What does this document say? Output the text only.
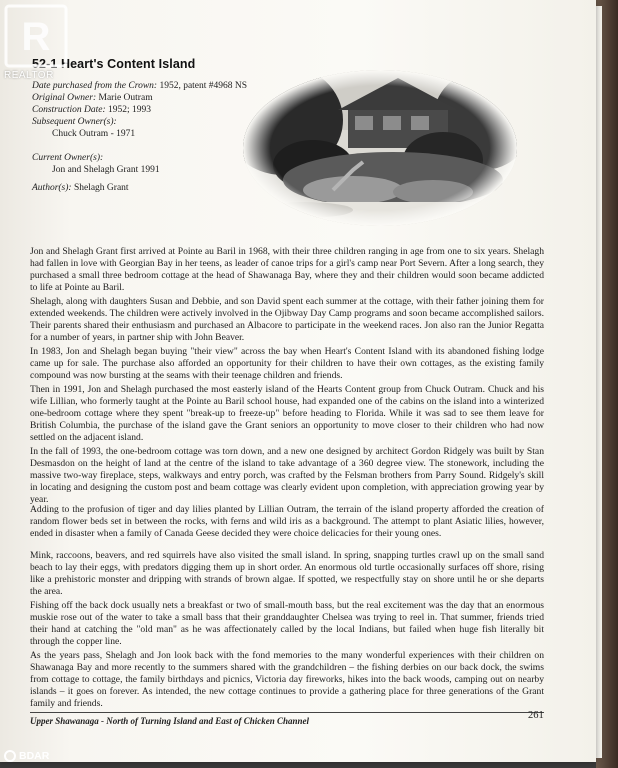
52-1 Heart's Content Island
Date purchased from the Crown: 1952, patent #4968 NS
Original Owner: Marie Outram
Construction Date: 1952; 1993
Subsequent Owner(s):
Chuck Outram - 1971
Current Owner(s):
Jon and Shelagh Grant 1991
Author(s): Shelagh Grant
Jon and Shelagh Grant first arrived at Pointe au Baril in 1968, with their three children ranging in age from one to six years. Shelagh had fallen in love with Georgian Bay in her teens, as leader of canoe trips for a girl's camp near Port Severn. After a long search, they purchased a small three bedroom cottage at the head of Shawanaga Bay, where they and their children would soon became addicted to life at Pointe au Baril.
Shelagh, along with daughters Susan and Debbie, and son David spent each summer at the cottage, with their father joining them for extended weekends. The children were actively involved in the Ojibway Day Camp programs and soon became accomplished sailors. Their parents shared their enthusiasm and purchased an Albacore to participate in the weekend races. Jon also ran the Junior Regatta for a number of years, in partner ship with John Beaver.
In 1983, Jon and Shelagh began buying "their view" across the bay when Heart's Content Island with its abandoned fishing lodge came up for sale. The purchase also afforded an opportunity for their children to have their own cottages, as the existing family compound was now bursting at the seams with their teenage children and friends.
Then in 1991, Jon and Shelagh purchased the most easterly island of the Hearts Content group from Chuck Outram. Chuck and his wife Lillian, who formerly taught at the Pointe au Baril school house, had expanded one of the cabins on the island into a winterized one-bedroom cottage where they spent "break-up to freeze-up" before heading to Florida. While it was sad to see them leave for British Columbia, the purchase of the island gave the Grant seniors an opportunity to move closer to their children who had now settled on the adjacent island.
In the fall of 1993, the one-bedroom cottage was torn down, and a new one designed by architect Gordon Ridgely was built by Stan Desmasdon on the height of land at the centre of the island to take advantage of a 360 degree view. The stonework, including the massive two-way fireplace, steps, walkways and entry porch, was crafted by the Felsman brothers from Parry Sound. Ridgely's skill in locating and designing the custom post and beam cottage was clearly evident upon completion, with appreciation growing year by year.
Adding to the profusion of tiger and day lilies planted by Lillian Outram, the terrain of the island property afforded the creation of random flower beds set in between the rocks, with ferns and wild iris as a background. The attempt to plant Asiatic lilies, however, ended in disaster when a family of Canada Geese decided they were choice delicacies for their young ones.
Mink, raccoons, beavers, and red squirrels have also visited the small island. In spring, snapping turtles crawl up on the small sand beach to lay their eggs, with predators digging them up in short order. An enormous old turtle occasionally surfaces off shore, rising like a prehistoric monster and dripping with strands of brown algae. If spotted, we respectfully stay on shore until he or she departs the area.
Fishing off the back dock usually nets a breakfast or two of small-mouth bass, but the real excitement was the day that an enormous muskie rose out of the water to take a small bass that their granddaughter Chelsea was trying to reel in. That summer, friends tried their hand at catching the "old man" as he was affectionately called by the local Indians, but failed when huge fish literally bit through the copper line.
As the years pass, Shelagh and Jon look back with the fond memories to the many wonderful experiences with their children on Shawanaga Bay and more recently to the summers shared with the grandchildren – the fishing derbies on our back dock, the swims from cottage to cottage, the family birthdays and picnics, Victoria day fireworks, hikes into the back woods, camping out on nearby islands – it goes on forever. As intended, the new cottage continues to provide a gathering place for three generations of the Grant family and friends.
Upper Shawanaga - North of Turning Island and East of Chicken Channel	261
R
REALTOR
BDAR
